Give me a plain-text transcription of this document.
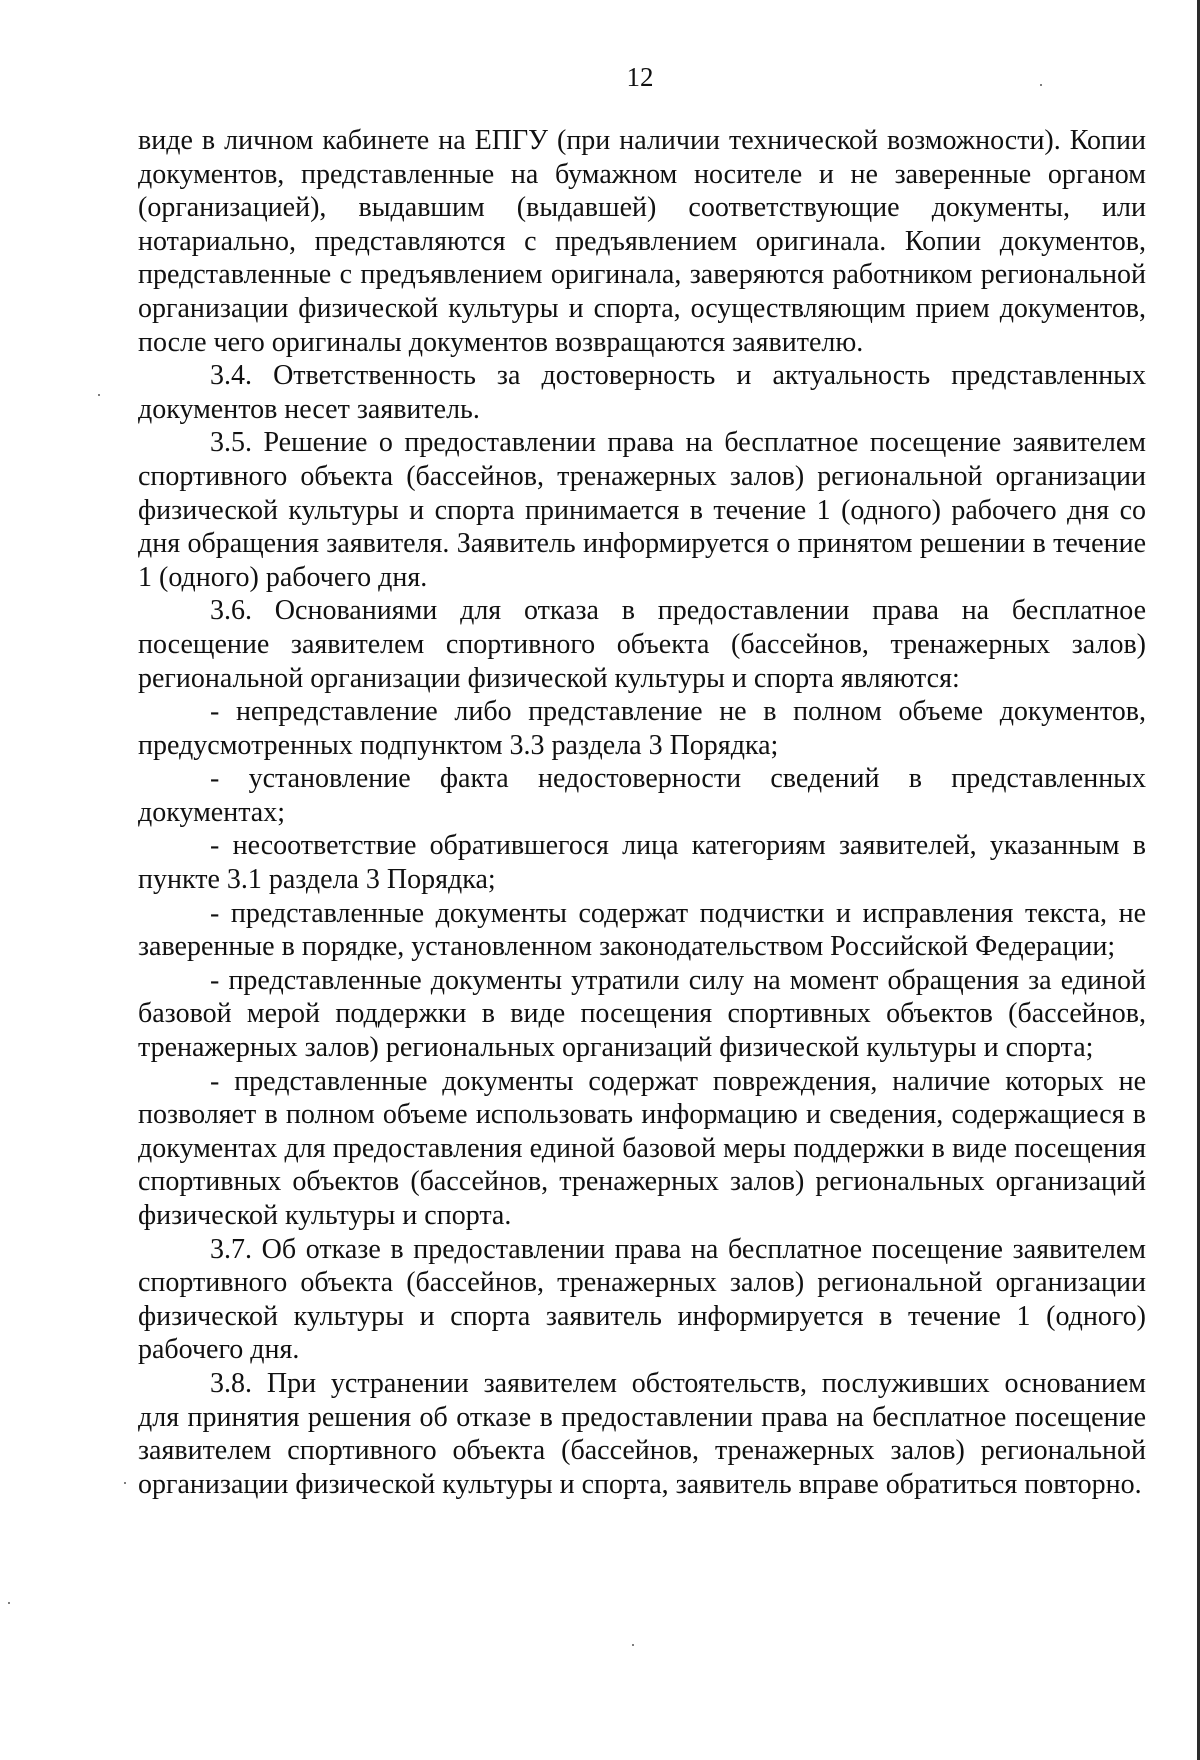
12

виде в личном кабинете на ЕПГУ (при наличии технической возможности). Копии документов, представленные на бумажном носителе и не заверенные органом (организацией), выдавшим (выдавшей) соответствующие документы, или нотариально, представляются с предъявлением оригинала. Копии документов, представленные с предъявлением оригинала, заверяются работником региональной организации физической культуры и спорта, осуществляющим прием документов, после чего оригиналы документов возвращаются заявителю.

3.4. Ответственность за достоверность и актуальность представленных документов несет заявитель.

3.5. Решение о предоставлении права на бесплатное посещение заявителем спортивного объекта (бассейнов, тренажерных залов) региональной организации физической культуры и спорта принимается в течение 1 (одного) рабочего дня со дня обращения заявителя. Заявитель информируется о принятом решении в течение 1 (одного) рабочего дня.

3.6. Основаниями для отказа в предоставлении права на бесплатное посещение заявителем спортивного объекта (бассейнов, тренажерных залов) региональной организации физической культуры и спорта являются:

- непредставление либо представление не в полном объеме документов, предусмотренных подпунктом 3.3 раздела 3 Порядка;

- установление факта недостоверности сведений в представленных документах;

- несоответствие обратившегося лица категориям заявителей, указанным в пункте 3.1 раздела 3 Порядка;

- представленные документы содержат подчистки и исправления текста, не заверенные в порядке, установленном законодательством Российской Федерации;

- представленные документы утратили силу на момент обращения за единой базовой мерой поддержки в виде посещения спортивных объектов (бассейнов, тренажерных залов) региональных организаций физической культуры и спорта;

- представленные документы содержат повреждения, наличие которых не позволяет в полном объеме использовать информацию и сведения, содержащиеся в документах для предоставления единой базовой меры поддержки в виде посещения спортивных объектов (бассейнов, тренажерных залов) региональных организаций физической культуры и спорта.

3.7. Об отказе в предоставлении права на бесплатное посещение заявителем спортивного объекта (бассейнов, тренажерных залов) региональной организации физической культуры и спорта заявитель информируется в течение 1 (одного) рабочего дня.

3.8. При устранении заявителем обстоятельств, послуживших основанием для принятия решения об отказе в предоставлении права на бесплатное посещение заявителем спортивного объекта (бассейнов, тренажерных залов) региональной организации физической культуры и спорта, заявитель вправе обратиться повторно.
